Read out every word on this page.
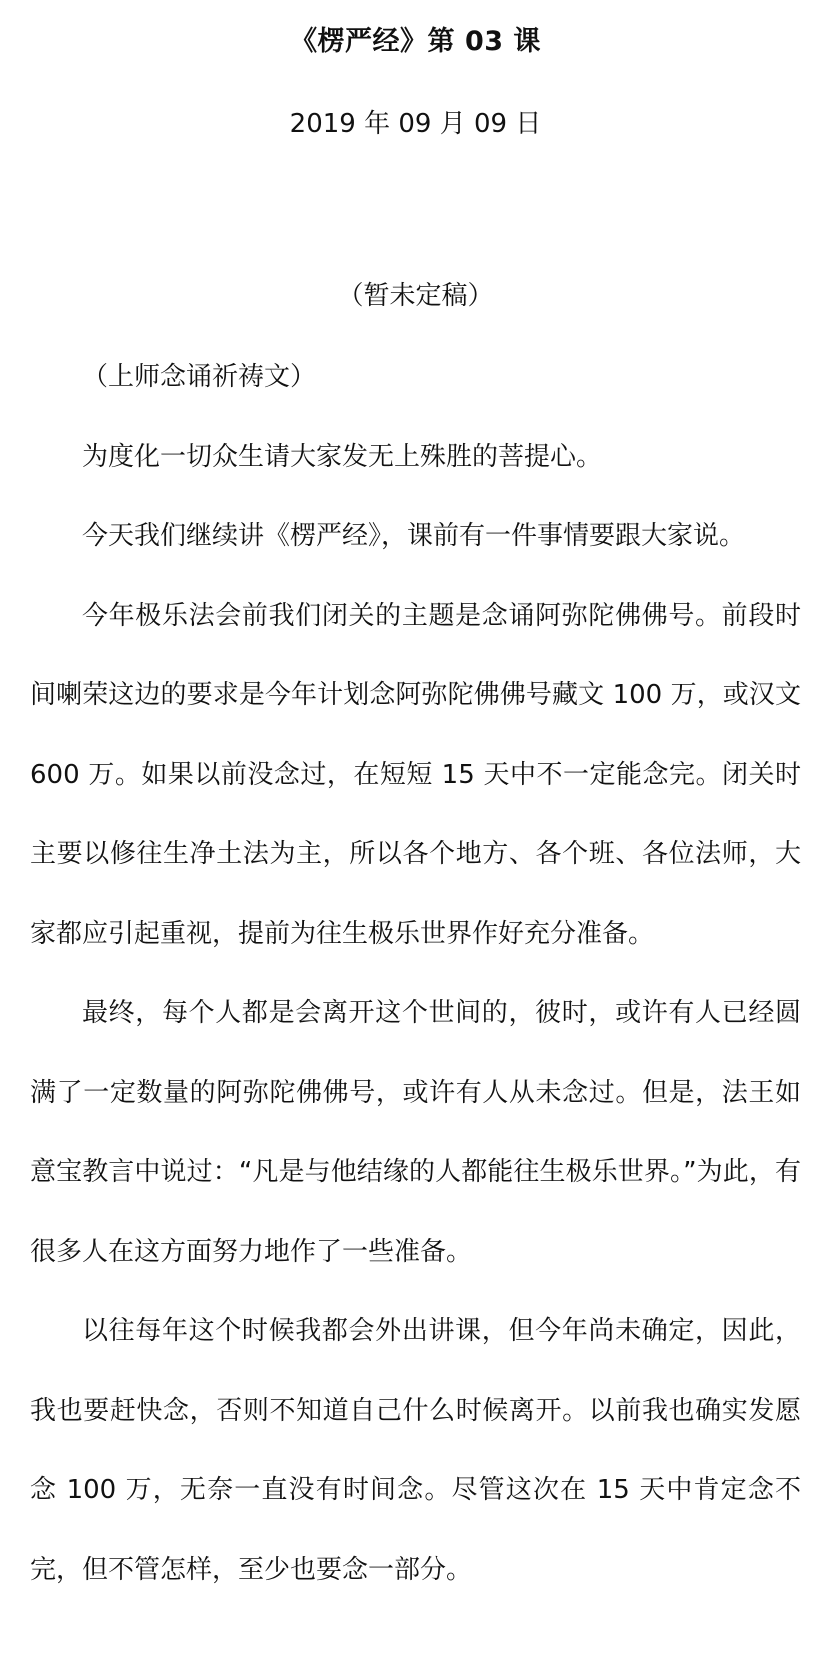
《楞严经》第 03 课
2019 年 09 月 09 日
（暂未定稿）

（上师念诵祈祷文）

为度化一切众生请大家发无上殊胜的菩提心。

今天我们继续讲《楞严经》，课前有一件事情要跟大家说。

今年极乐法会前我们闭关的主题是念诵阿弥陀佛佛号。前段时间喇荣这边的要求是今年计划念阿弥陀佛佛号藏文 100 万，或汉文 600 万。如果以前没念过，在短短 15 天中不一定能念完。闭关时主要以修往生净土法为主，所以各个地方、各个班、各位法师，大家都应引起重视，提前为往生极乐世界作好充分准备。

最终，每个人都是会离开这个世间的，彼时，或许有人已经圆满了一定数量的阿弥陀佛佛号，或许有人从未念过。但是，法王如意宝教言中说过：“凡是与他结缘的人都能往生极乐世界。”为此，有很多人在这方面努力地作了一些准备。

以往每年这个时候我都会外出讲课，但今年尚未确定，因此，我也要赶快念，否则不知道自己什么时候离开。以前我也确实发愿念 100 万，无奈一直没有时间念。尽管这次在 15 天中肯定念不完，但不管怎样，至少也要念一部分。
